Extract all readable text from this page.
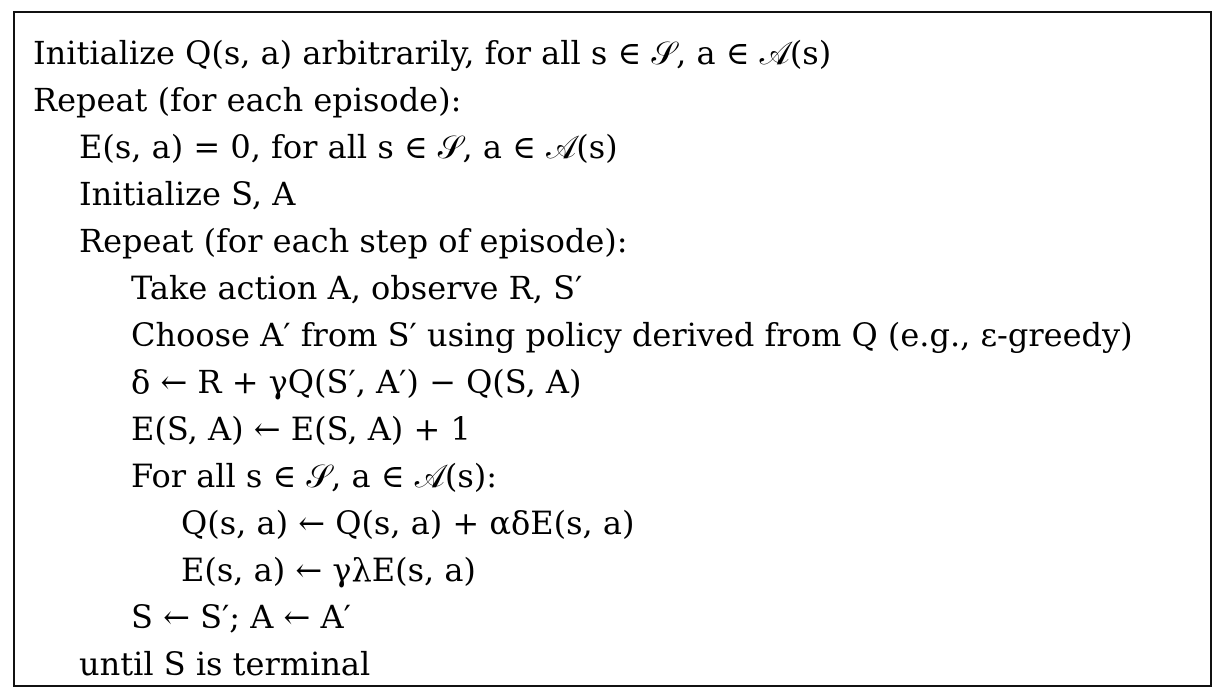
Initialize Q(s, a) arbitrarily, for all s ∈ 𝒮, a ∈ 𝒜(s)
Repeat (for each episode):
E(s, a) = 0, for all s ∈ 𝒮, a ∈ 𝒜(s)
Initialize S, A
Repeat (for each step of episode):
Take action A, observe R, S′
Choose A′ from S′ using policy derived from Q (e.g., ε-greedy)
δ ← R + γQ(S′, A′) − Q(S, A)
E(S, A) ← E(S, A) + 1
For all s ∈ 𝒮, a ∈ 𝒜(s):
Q(s, a) ← Q(s, a) + αδE(s, a)
E(s, a) ← γλE(s, a)
S ← S′; A ← A′
until S is terminal
